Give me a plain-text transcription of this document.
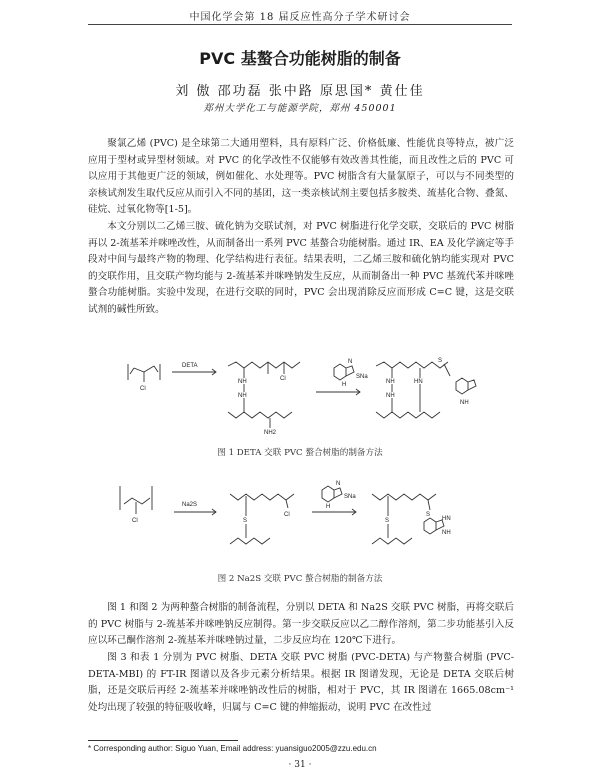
中国化学会第 18 届反应性高分子学术研讨会
PVC 基螯合功能树脂的制备
刘 傲 邵功磊 张中路 原思国* 黄仕佳
郑州大学化工与能源学院，郑州 450001

聚氯乙烯 (PVC) 是全球第二大通用塑料，具有原料广泛、价格低廉、性能优良等特点，被广泛应用于型材或异型材领域。对 PVC 的化学改性不仅能够有效改善其性能，而且改性之后的 PVC 可以应用于其他更广泛的领域，例如催化、水处理等。PVC 树脂含有大量氯原子，可以与不同类型的亲核试剂发生取代反应从而引入不同的基团，这一类亲核试剂主要包括多胺类、巯基化合物、叠氮、硅烷、过氧化物等[1-5]。

本文分别以二乙烯三胺、硫化钠为交联试剂，对 PVC 树脂进行化学交联，交联后的 PVC 树脂再以 2-巯基苯并咪唑改性，从而制备出一系列 PVC 基螯合功能树脂。通过 IR、EA 及化学滴定等手段对中间与最终产物的物理、化学结构进行表征。结果表明，二乙烯三胺和硫化钠均能实现对 PVC 的交联作用，且交联产物均能与 2-巯基苯并咪唑钠发生反应，从而制备出一种 PVC 基巯代苯并咪唑螯合功能树脂。实验中发现，在进行交联的同时，PVC 会出现消除反应而形成 C=C 键，这是交联试剂的碱性所致。

Cl
DETA
NH
NH
Cl
NH2
N
SNa
H	NH
NH
HN
S
NH
图 1 DETA 交联 PVC 螯合树脂的制备方法
Cl
Na2S
S
Cl
N
SNa
H
S
S
HN
NH
图 2 Na2S 交联 PVC 螯合树脂的制备方法

图 1 和图 2 为两种螯合树脂的制备流程，分别以 DETA 和 Na2S 交联 PVC 树脂，再将交联后的 PVC 树脂与 2-巯基苯并咪唑钠反应制得。第一步交联反应以乙二醇作溶剂，第二步功能基引入反应以环己酮作溶剂 2-巯基苯并咪唑钠过量，二步反应均在 120℃下进行。

图 3 和表 1 分别为 PVC 树脂、DETA 交联 PVC 树脂 (PVC-DETA) 与产物螯合树脂 (PVC-DETA-MBI) 的 FT-IR 图谱以及各步元素分析结果。根据 IR 图谱发现，无论是 DETA 交联后树脂，还是交联后再经 2-巯基苯并咪唑钠改性后的树脂，相对于 PVC，其 IR 图谱在 1665.08cm⁻¹ 处均出现了较强的特征吸收峰，归属与 C=C 键的伸缩振动，说明 PVC 在改性过

* Corresponding author: Siguo Yuan, Email address: yuansiguo2005@zzu.edu.cn
· 31 ·
